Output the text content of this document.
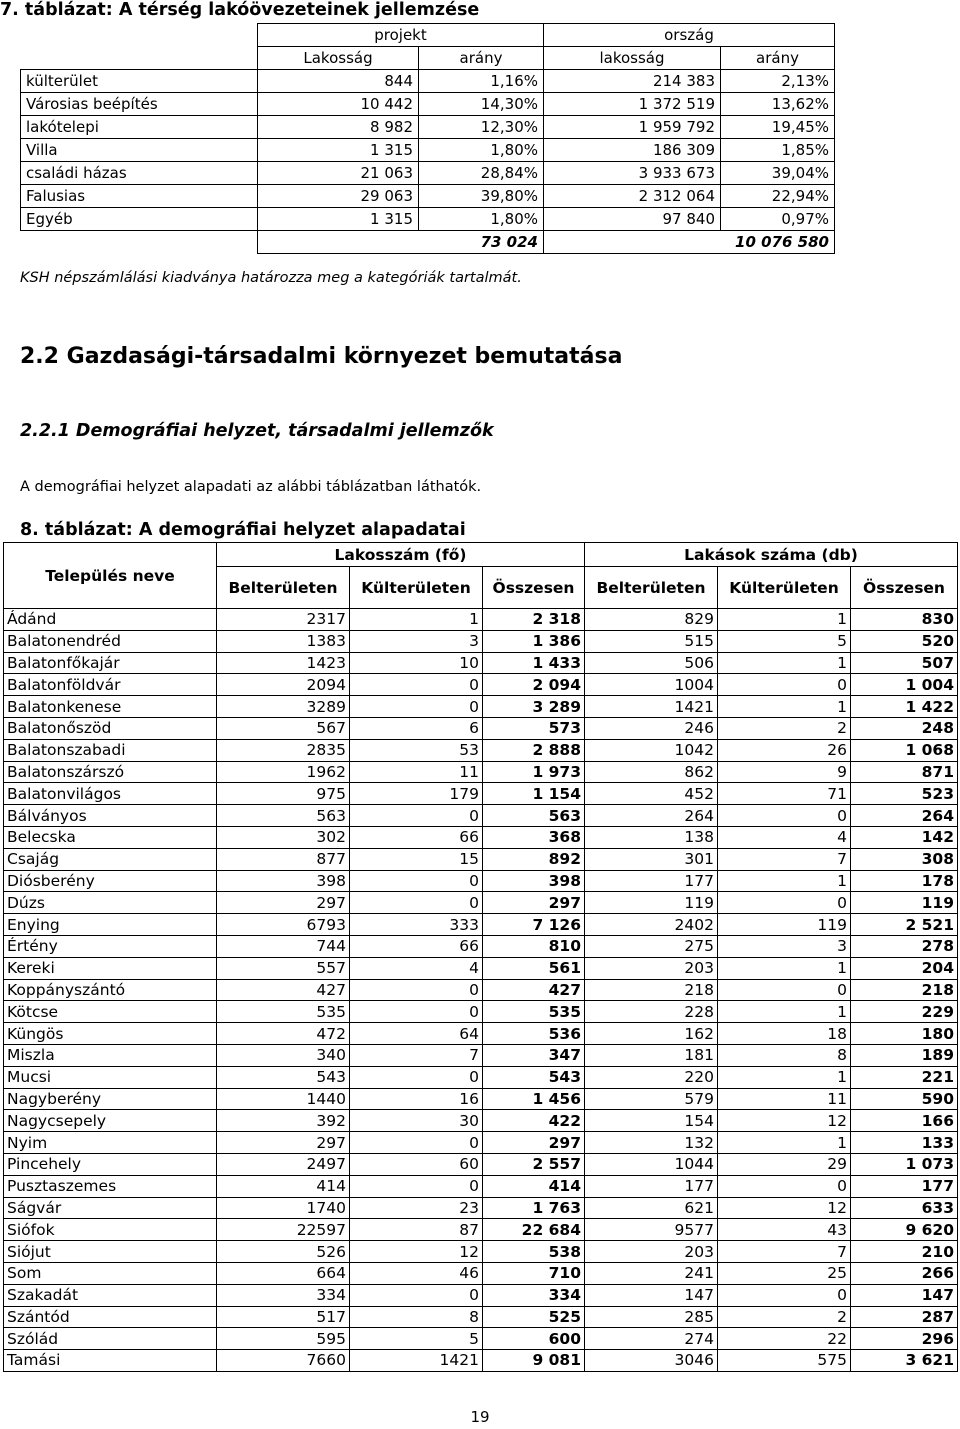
7. táblázat: A térség lakóövezeteinek jellemzése
	projekt		ország	
	Lakosság	arány	lakosság	arány
külterület	844	1,16%	214 383	2,13%
Városias beépítés	10 442	14,30%	1 372 519	13,62%
lakótelepi	8 982	12,30%	1 959 792	19,45%
Villa	1 315	1,80%	186 309	1,85%
családi házas	21 063	28,84%	3 933 673	39,04%
Falusias	29 063	39,80%	2 312 064	22,94%
Egyéb	1 315	1,80%	97 840	0,97%
	73 024		10 076 580	
KSH népszámlálási kiadványa határozza meg a kategóriák tartalmát.
2.2 Gazdasági-társadalmi környezet bemutatása
2.2.1 Demográfiai helyzet, társadalmi jellemzők
A demográfiai helyzet alapadati az alábbi táblázatban láthatók.
8. táblázat: A demográfiai helyzet alapadatai
Település neve	Lakosszám (fő)			Lakások száma (db)		
	Belterületen	Külterületen	Összesen	Belterületen	Külterületen	Összesen
Ádánd	2317	1	2 318	829	1	830
Balatonendréd	1383	3	1 386	515	5	520
Balatonfőkajár	1423	10	1 433	506	1	507
Balatonföldvár	2094	0	2 094	1004	0	1 004
Balatonkenese	3289	0	3 289	1421	1	1 422
Balatonőszöd	567	6	573	246	2	248
Balatonszabadi	2835	53	2 888	1042	26	1 068
Balatonszárszó	1962	11	1 973	862	9	871
Balatonvilágos	975	179	1 154	452	71	523
Bálványos	563	0	563	264	0	264
Belecska	302	66	368	138	4	142
Csajág	877	15	892	301	7	308
Diósberény	398	0	398	177	1	178
Dúzs	297	0	297	119	0	119
Enying	6793	333	7 126	2402	119	2 521
Értény	744	66	810	275	3	278
Kereki	557	4	561	203	1	204
Koppányszántó	427	0	427	218	0	218
Kötcse	535	0	535	228	1	229
Küngös	472	64	536	162	18	180
Miszla	340	7	347	181	8	189
Mucsi	543	0	543	220	1	221
Nagyberény	1440	16	1 456	579	11	590
Nagycsepely	392	30	422	154	12	166
Nyim	297	0	297	132	1	133
Pincehely	2497	60	2 557	1044	29	1 073
Pusztaszemes	414	0	414	177	0	177
Ságvár	1740	23	1 763	621	12	633
Siófok	22597	87	22 684	9577	43	9 620
Siójut	526	12	538	203	7	210
Som	664	46	710	241	25	266
Szakadát	334	0	334	147	0	147
Szántód	517	8	525	285	2	287
Szólád	595	5	600	274	22	296
Tamási	7660	1421	9 081	3046	575	3 621
19
